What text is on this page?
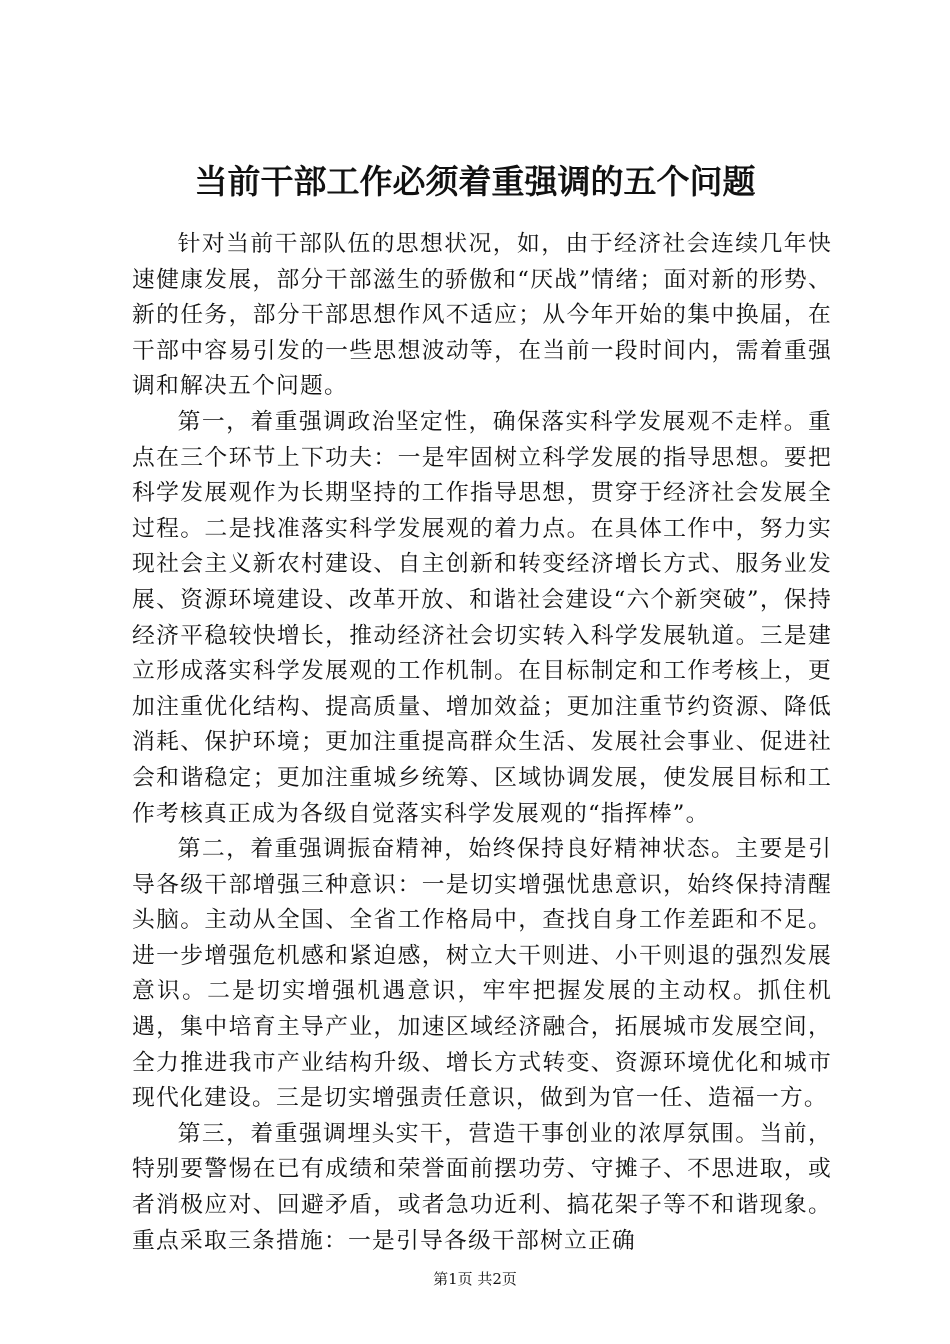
当前干部工作必须着重强调的五个问题

针对当前干部队伍的思想状况，如，由于经济社会连续几年快速健康发展，部分干部滋生的骄傲和“厌战”情绪；面对新的形势、新的任务，部分干部思想作风不适应；从今年开始的集中换届，在干部中容易引发的一些思想波动等，在当前一段时间内，需着重强调和解决五个问题。

第一，着重强调政治坚定性，确保落实科学发展观不走样。重点在三个环节上下功夫：一是牢固树立科学发展的指导思想。要把科学发展观作为长期坚持的工作指导思想，贯穿于经济社会发展全过程。二是找准落实科学发展观的着力点。在具体工作中，努力实现社会主义新农村建设、自主创新和转变经济增长方式、服务业发展、资源环境建设、改革开放、和谐社会建设“六个新突破”，保持经济平稳较快增长，推动经济社会切实转入科学发展轨道。三是建立形成落实科学发展观的工作机制。在目标制定和工作考核上，更加注重优化结构、提高质量、增加效益；更加注重节约资源、降低消耗、保护环境；更加注重提高群众生活、发展社会事业、促进社会和谐稳定；更加注重城乡统筹、区域协调发展，使发展目标和工作考核真正成为各级自觉落实科学发展观的“指挥棒”。

第二，着重强调振奋精神，始终保持良好精神状态。主要是引导各级干部增强三种意识：一是切实增强忧患意识，始终保持清醒头脑。主动从全国、全省工作格局中，查找自身工作差距和不足。进一步增强危机感和紧迫感，树立大干则进、小干则退的强烈发展意识。二是切实增强机遇意识，牢牢把握发展的主动权。抓住机遇，集中培育主导产业，加速区域经济融合，拓展城市发展空间，全力推进我市产业结构升级、增长方式转变、资源环境优化和城市现代化建设。三是切实增强责任意识，做到为官一任、造福一方。

第三，着重强调埋头实干，营造干事创业的浓厚氛围。当前，特别要警惕在已有成绩和荣誉面前摆功劳、守摊子、不思进取，或者消极应对、回避矛盾，或者急功近利、搞花架子等不和谐现象。重点采取三条措施：一是引导各级干部树立正确

第1页 共2页
